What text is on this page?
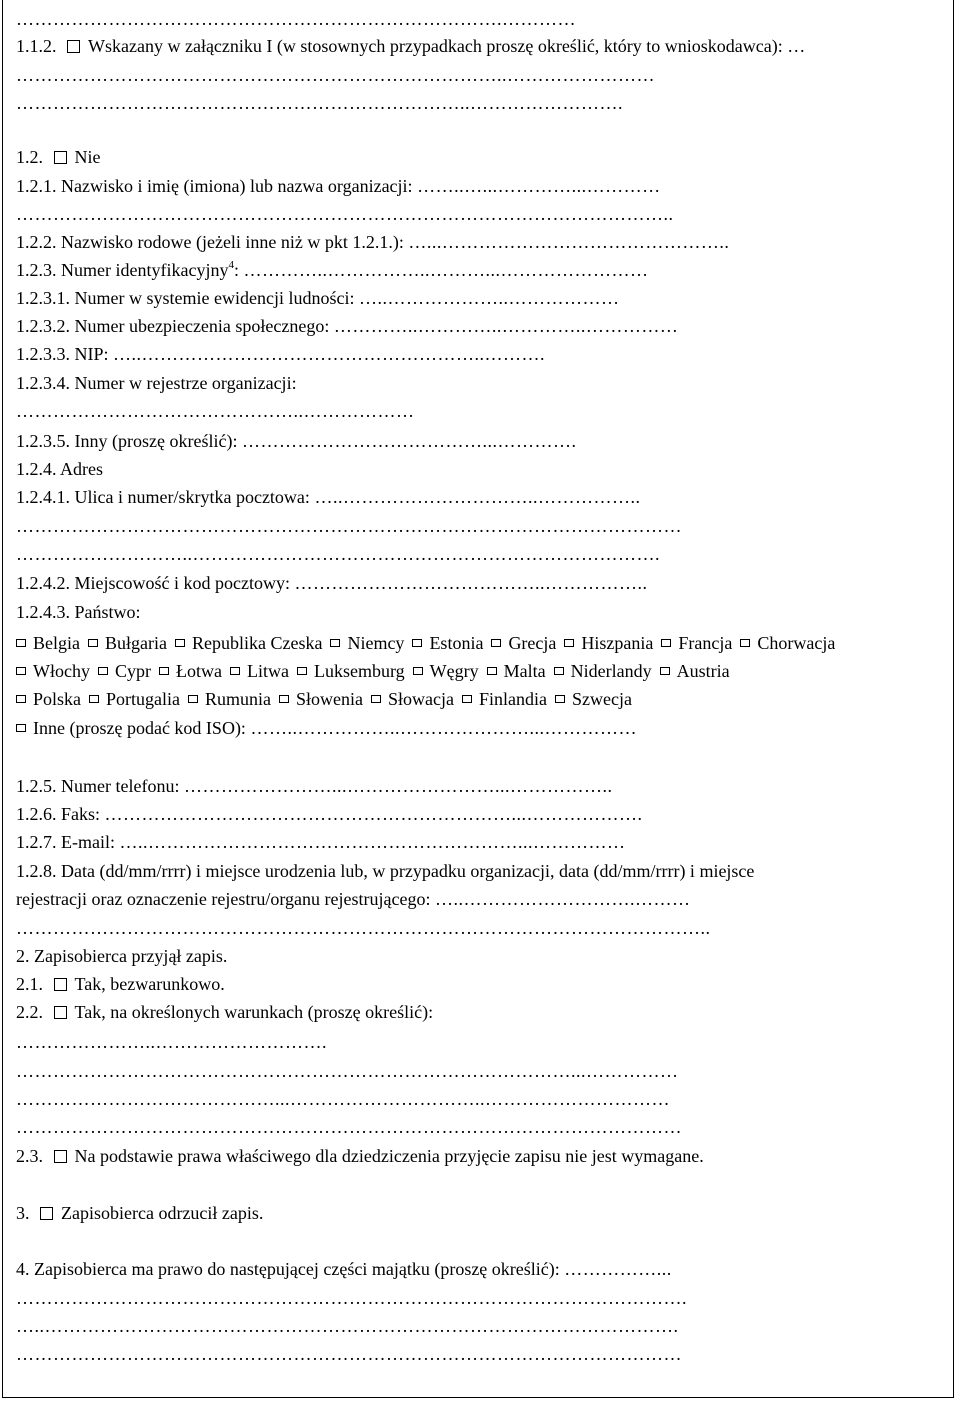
…………………………………………………………………….…………
1.1.2. Wskazany w załączniku I (w stosownych przypadkach proszę określić, który to wnioskodawca): …
……………………………………………………………………..……………………
………………………………………………………………..…………………….
1.2. Nie
1.2.1. Nazwisko i imię (imiona) lub nazwa organizacji: ……..…...…………...…………
……………………………………………………………………………………………..
1.2.2. Nazwisko rodowe (jeżeli inne niż w pkt 1.2.1.): …...………………………………………..
1.2.3. Numer identyfikacyjny$^4$: …………..……………..………...……………………
1.2.3.1. Numer w systemie ewidencji ludności: …..………………..………………
1.2.3.2. Numer ubezpieczenia społecznego: …………..…………..…………..……………
1.2.3.3. NIP: …..………………………………………………..……….
1.2.3.4. Numer w rejestrze organizacji:
………………………………………..………………
1.2.3.5. Inny (proszę określić): …………………………………...………….
1.2.4. Adres
1.2.4.1. Ulica i numer/skrytka pocztowa: …..…………………………..……………..
………………………………………………………………………………………………
………………………..………………………………………………………………….
1.2.4.2. Miejscowość i kod pocztowy: …………………………………..……………..
1.2.4.3. Państwo:
Belgia Bułgaria Republika Czeska Niemcy Estonia Grecja Hiszpania Francja Chorwacja
Włochy Cypr Łotwa Litwa Luksemburg Węgry Malta Niderlandy Austria
Polska Portugalia Rumunia Słowenia Słowacja Finlandia Szwecja
Inne (proszę podać kod ISO): ……..……………..…………………...……………
1.2.5. Numer telefonu: ……………………...……………………...……………..
1.2.6. Faks: …………………………………………………………...……………….
1.2.7. E-mail: …..……………………………………………………...……………
1.2.8. Data (dd/mm/rrrr) i miejsce urodzenia lub, w przypadku organizacji, data (dd/mm/rrrr) i miejsce
rejestracji oraz oznaczenie rejestru/organu rejestrującego: …..……………………….………
…………………………………………………………………………………………………..
2. Zapisobierca przyjął zapis.
2.1. Tak, bezwarunkowo.
2.2. Tak, na określonych warunkach (proszę określić):
…………………..……………………….
………………………………………………………………………………...……………
……………………………………...…………………………..…………………………
………………………………………………………………………………………………
2.3. Na podstawie prawa właściwego dla dziedziczenia przyjęcie zapisu nie jest wymagane.
3. Zapisobierca odrzucił zapis.
4. Zapisobierca ma prawo do następującej części majątku (proszę określić): ……………...
……………………………………………………………………………………………….
…..………………………………………………………………………………………….
………………………………………………………………………………………………
